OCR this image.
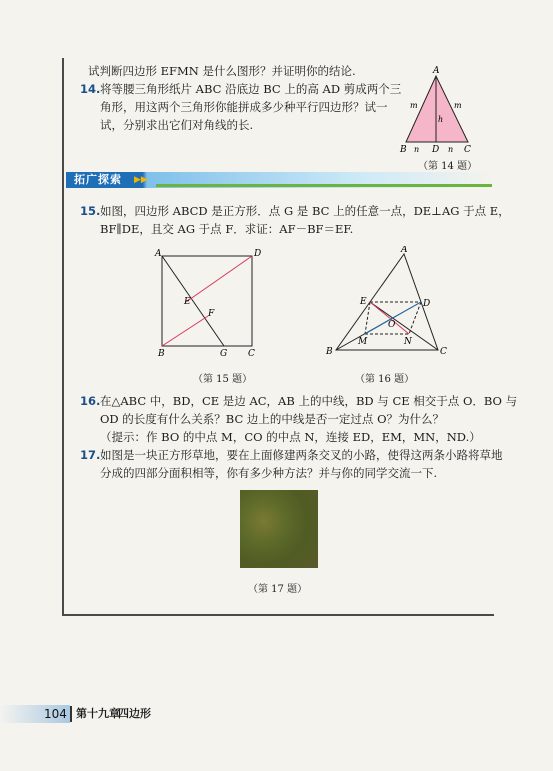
试判断四边形 EFMN 是什么图形？并证明你的结论.
14. 将等腰三角形纸片 ABC 沿底边 BC 上的高 AD 剪成两个三
角形，用这两个三角形你能拼成多少种平行四边形？试一
试，分别求出它们对角线的长.
A
B n D n C
m	m
h
（第 14 题）
拓广探索 ▶▶
15. 如图，四边形 ABCD 是正方形．点 G 是 BC 上的任意一点，DE⊥AG 于点 E，
BF∥DE，且交 AG 于点 F．求证：AF－BF＝EF.
A	D
B	G C
E
F
（第 15 题）
A
E	D
O
M	N
B	C
（第 16 题）
16. 在△ABC 中，BD，CE 是边 AC，AB 上的中线，BD 与 CE 相交于点 O．BO 与
OD 的长度有什么关系？BC 边上的中线是否一定过点 O？为什么？
（提示：作 BO 的中点 M，CO 的中点 N，连接 ED，EM，MN，ND.）
17. 如图是一块正方形草地，要在上面修建两条交叉的小路，使得这两条小路将草地
分成的四部分面积相等，你有多少种方法？并与你的同学交流一下.
（第 17 题）
104 第十九章
四边形
